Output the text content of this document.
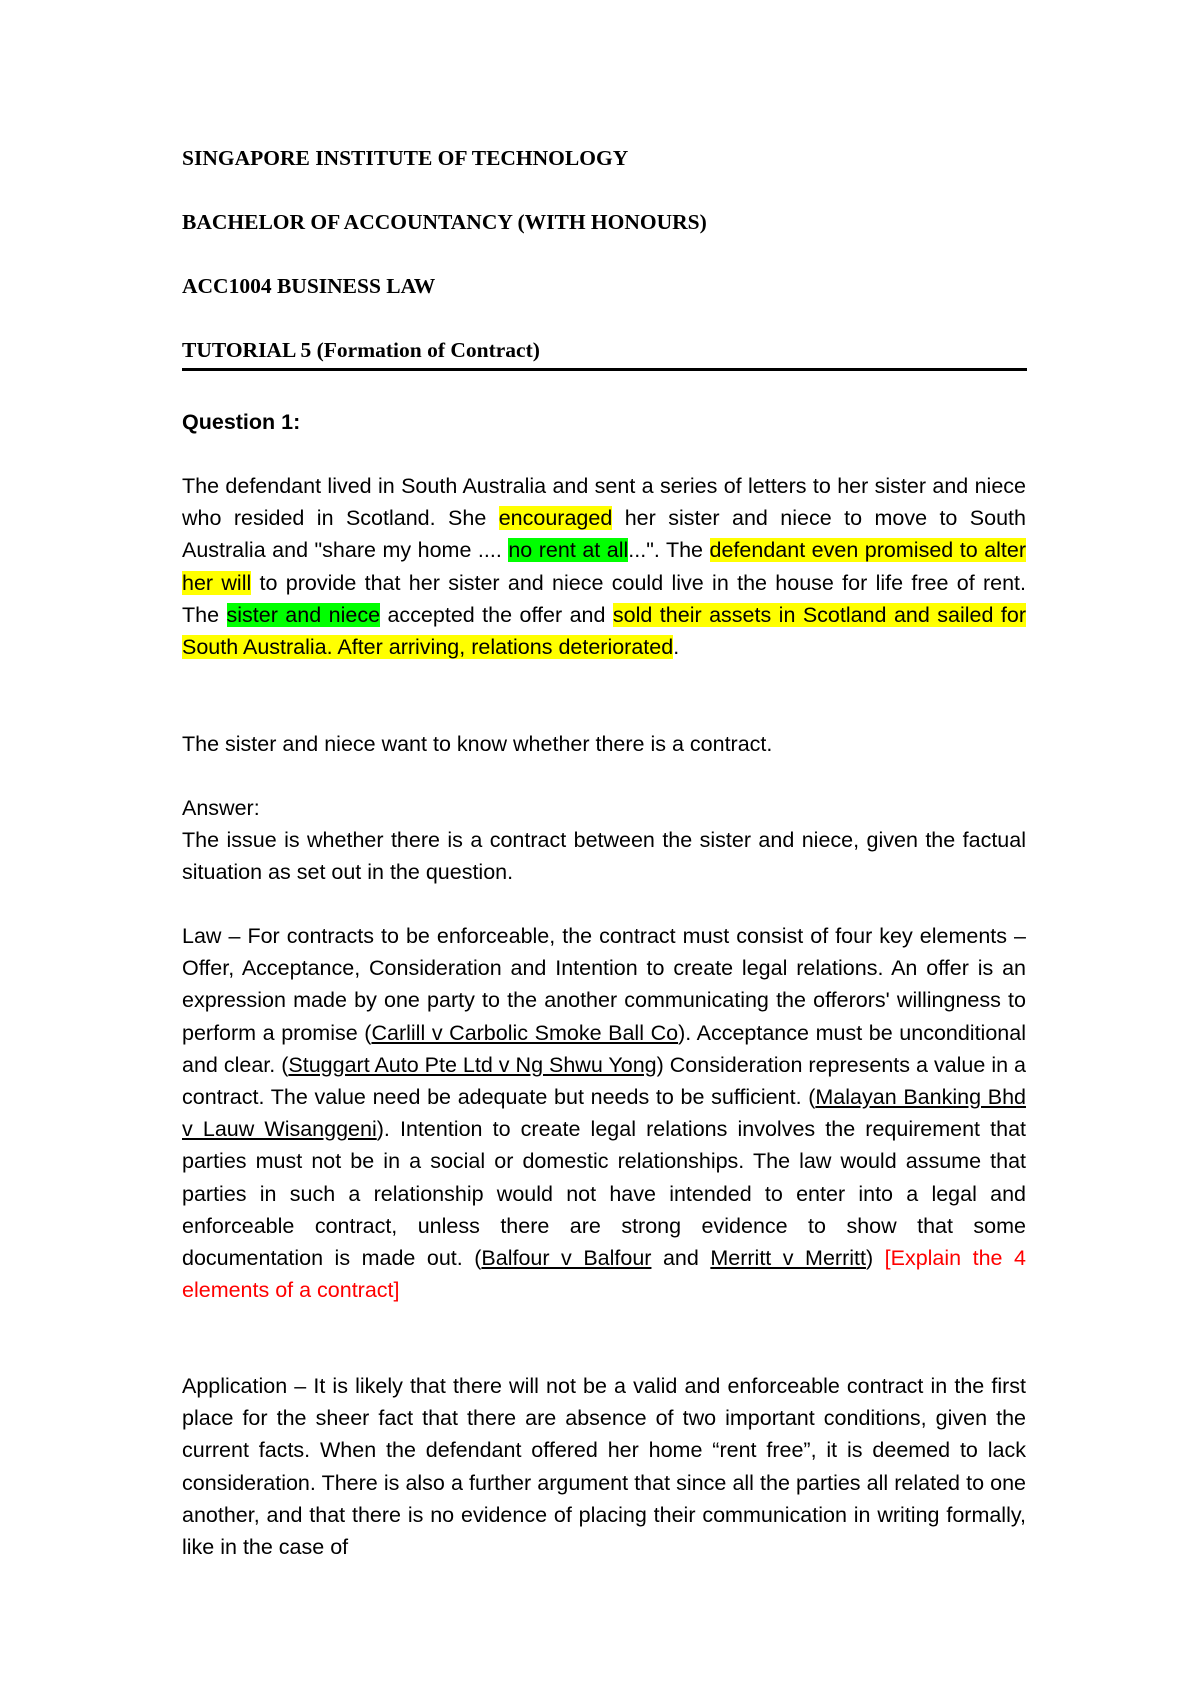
SINGAPORE INSTITUTE OF TECHNOLOGY

BACHELOR OF ACCOUNTANCY (WITH HONOURS)

ACC1004 BUSINESS LAW

TUTORIAL 5 (Formation of Contract)

Question 1:

The defendant lived in South Australia and sent a series of letters to her sister and niece who resided in Scotland. She encouraged her sister and niece to move to South Australia and "share my home .... no rent at all...". The defendant even promised to alter her will to provide that her sister and niece could live in the house for life free of rent. The sister and niece accepted the offer and sold their assets in Scotland and sailed for South Australia. After arriving, relations deteriorated.

The sister and niece want to know whether there is a contract.

Answer:

The issue is whether there is a contract between the sister and niece, given the factual situation as set out in the question.

Law – For contracts to be enforceable, the contract must consist of four key elements – Offer, Acceptance, Consideration and Intention to create legal relations. An offer is an expression made by one party to the another communicating the offerors' willingness to perform a promise (Carlill v Carbolic Smoke Ball Co). Acceptance must be unconditional and clear. (Stuggart Auto Pte Ltd v Ng Shwu Yong) Consideration represents a value in a contract. The value need be adequate but needs to be sufficient. (Malayan Banking Bhd v Lauw Wisanggeni). Intention to create legal relations involves the requirement that parties must not be in a social or domestic relationships. The law would assume that parties in such a relationship would not have intended to enter into a legal and enforceable contract, unless there are strong evidence to show that some documentation is made out. (Balfour v Balfour and Merritt v Merritt) [Explain the 4 elements of a contract]

Application – It is likely that there will not be a valid and enforceable contract in the first place for the sheer fact that there are absence of two important conditions, given the current facts. When the defendant offered her home “rent free”, it is deemed to lack consideration. There is also a further argument that since all the parties all related to one another, and that there is no evidence of placing their communication in writing formally, like in the case of
